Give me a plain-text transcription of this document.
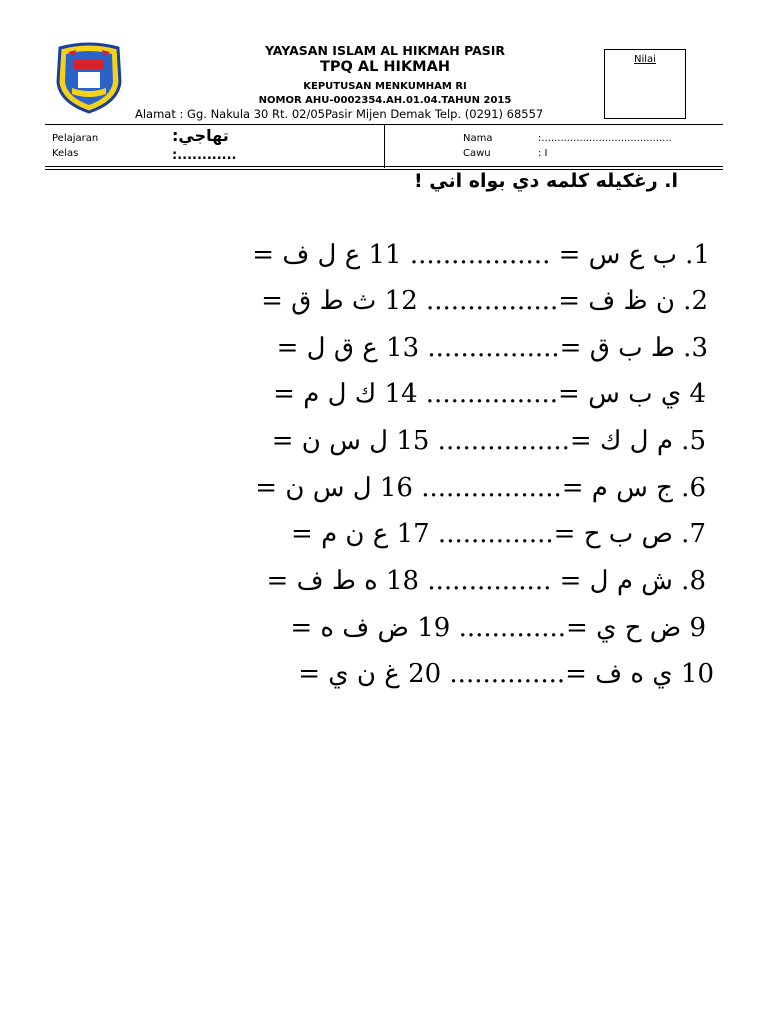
YAYASAN ISLAM AL HIKMAH PASIR
TPQ AL HIKMAH
KEPUTUSAN MENKUMHAM RI
NOMOR AHU-0002354.AH.01.04.TAHUN 2015
Alamat : Gg. Nakula 30 Rt. 02/05Pasir Mijen Demak Telp. (0291) 68557
Nilai
Pelajaran	تهاجي:
Kelas	:............
Nama	:.........................................
Cawu	: I
ا. رغكيله كلمه دي بواه اني !
1. ب ع س = ................. 11 ع ل ف =
2. ن ظ ف =................ 12 ث ط ق =
3. ط ب ق =................ 13 ع ق ل =
4 ي ب س =................ 14 ك ل م =
5. م ل ك =................ 15 ل س ن =
6. ج س م =................. 16 ل س ن =
7. ص ب ح =.............. 17 ع ن م =
8. ش م ل = ............... 18 ه ط ف =
9 ض ح ي =............. 19 ض ف ه =
10 ي ه ف =.............. 20 غ ن ي =
